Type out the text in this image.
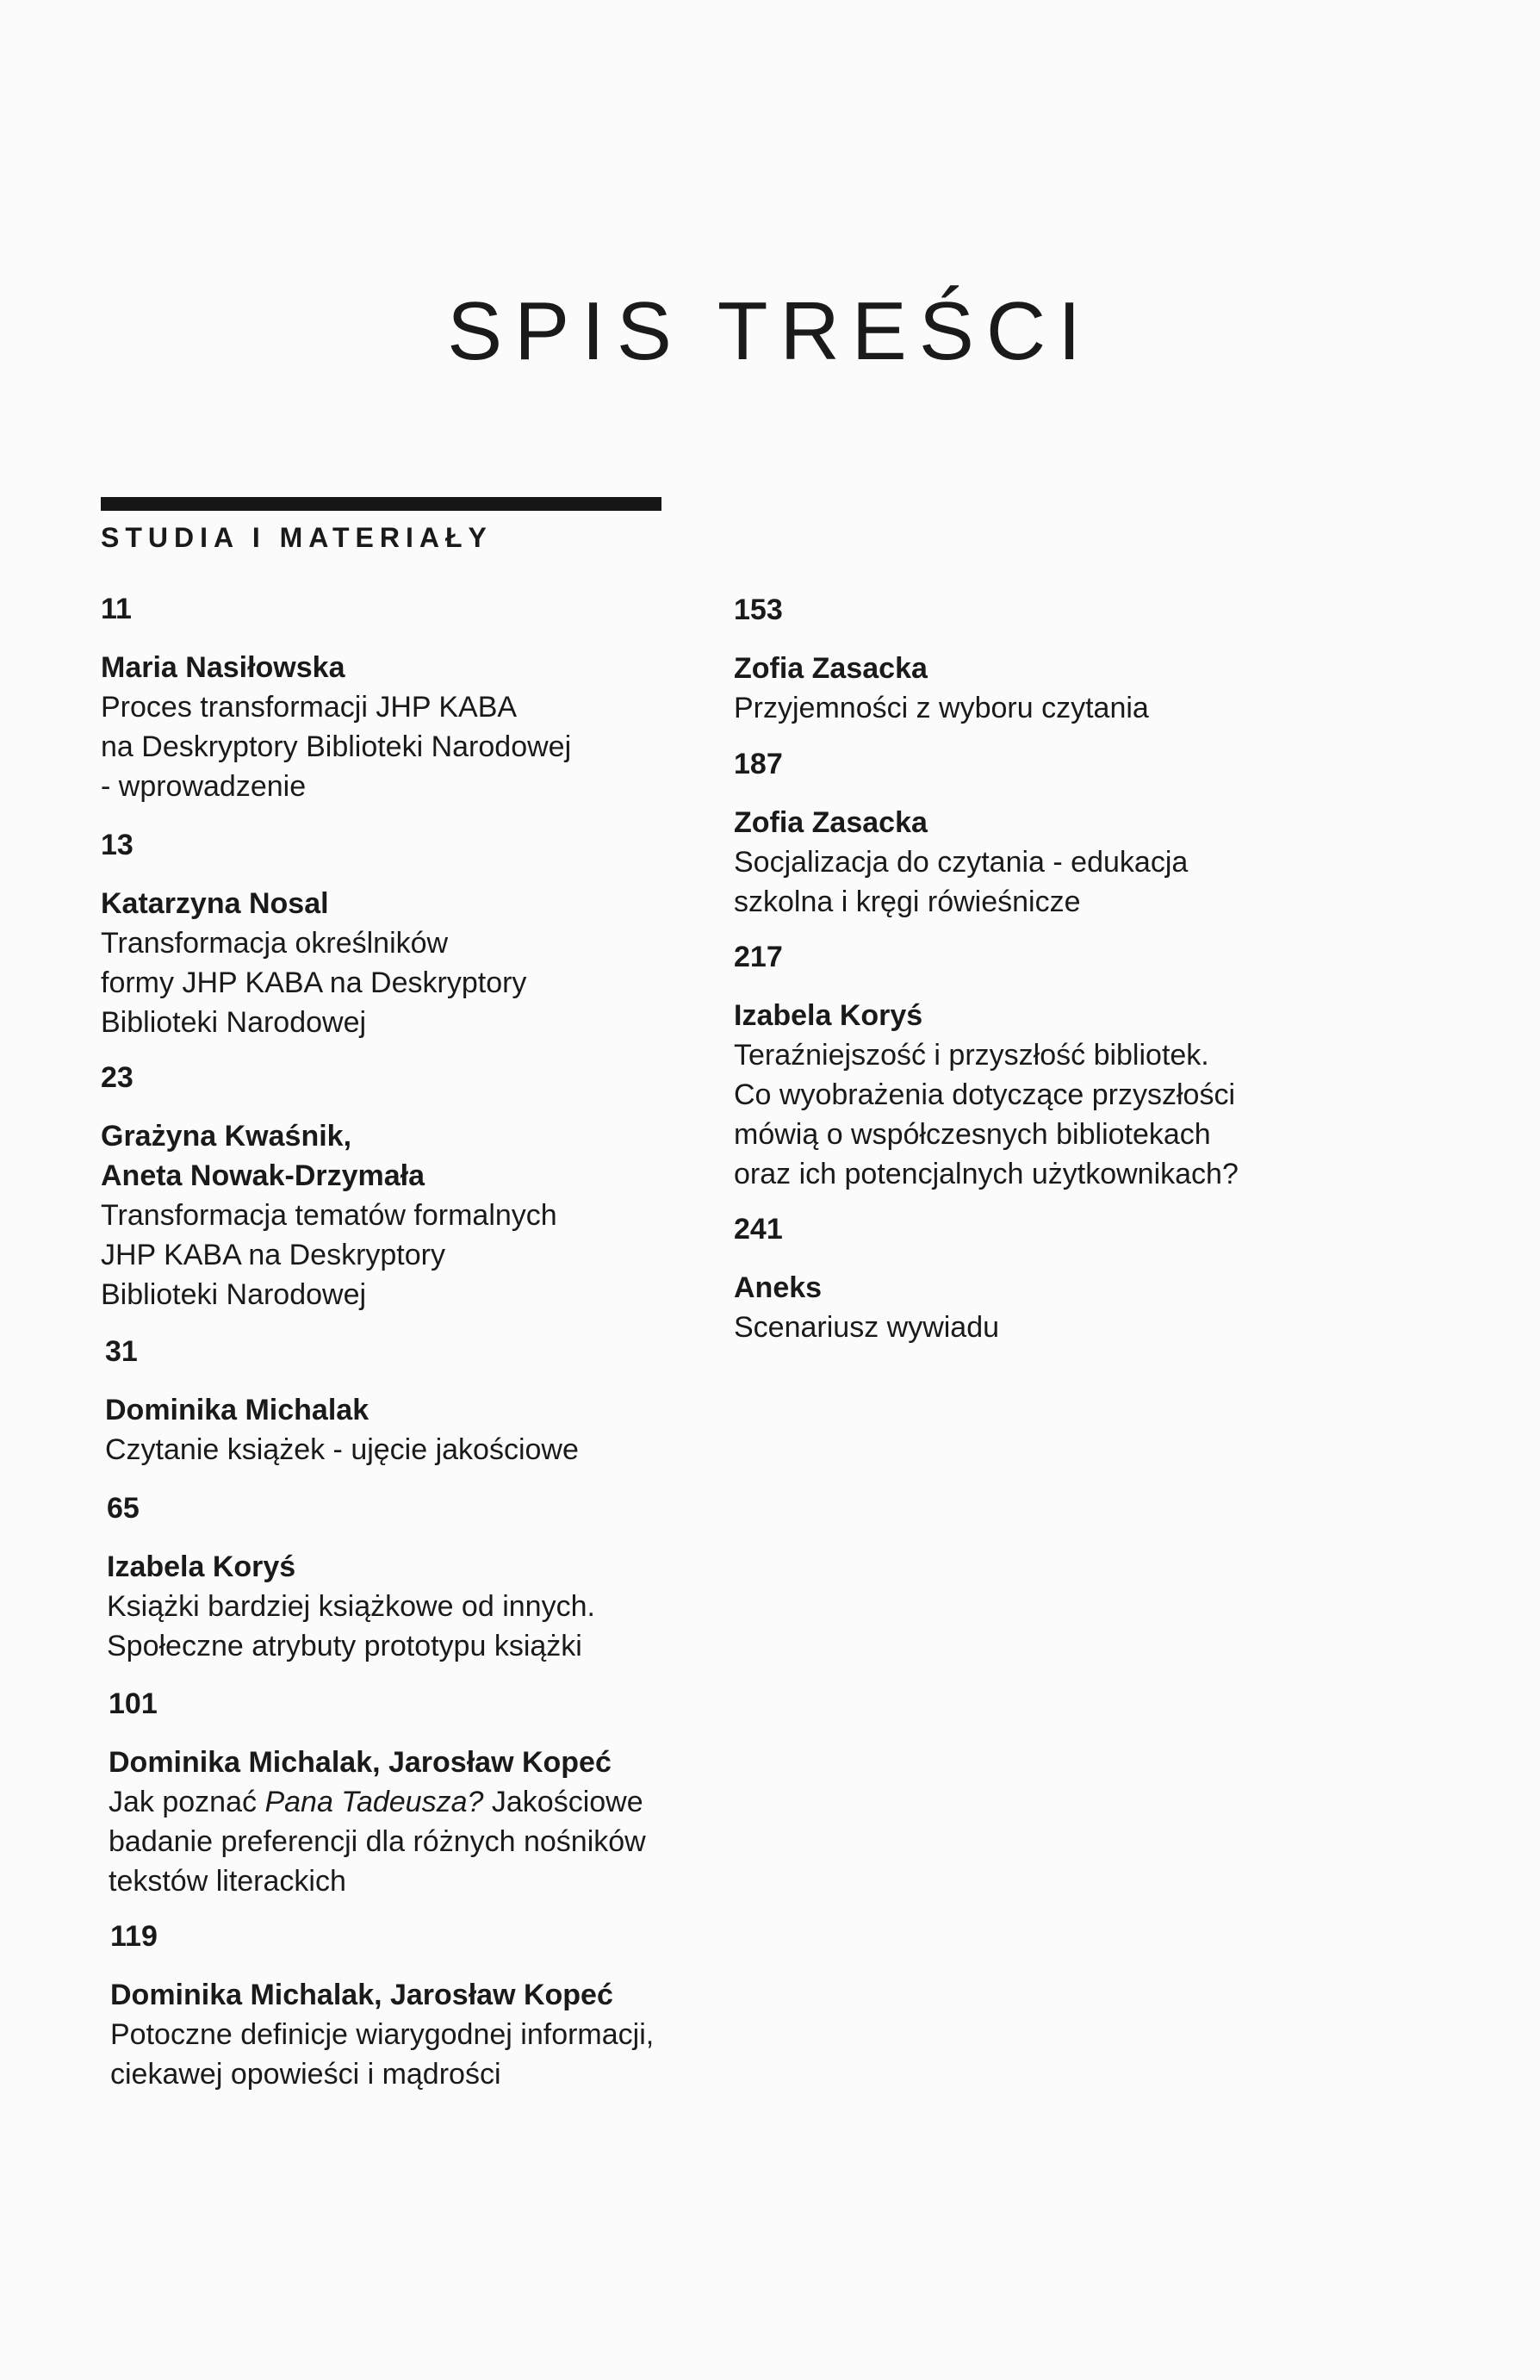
SPIS TREŚCI
STUDIA I MATERIAŁY
11
Maria Nasiłowska
Proces transformacji JHP KABA
na Deskryptory Biblioteki Narodowej
- wprowadzenie
13
Katarzyna Nosal
Transformacja określników
formy JHP KABA na Deskryptory
Biblioteki Narodowej
23
Grażyna Kwaśnik,
Aneta Nowak-Drzymała
Transformacja tematów formalnych
JHP KABA na Deskryptory
Biblioteki Narodowej
31
Dominika Michalak
Czytanie książek - ujęcie jakościowe
65
Izabela Koryś
Książki bardziej książkowe od innych.
Społeczne atrybuty prototypu książki
101
Dominika Michalak, Jarosław Kopeć
Jak poznać Pana Tadeusza? Jakościowe
badanie preferencji dla różnych nośników
tekstów literackich
119
Dominika Michalak, Jarosław Kopeć
Potoczne definicje wiarygodnej informacji,
ciekawej opowieści i mądrości
153
Zofia Zasacka
Przyjemności z wyboru czytania
187
Zofia Zasacka
Socjalizacja do czytania - edukacja
szkolna i kręgi rówieśnicze
217
Izabela Koryś
Teraźniejszość i przyszłość bibliotek.
Co wyobrażenia dotyczące przyszłości
mówią o współczesnych bibliotekach
oraz ich potencjalnych użytkownikach?
241
Aneks
Scenariusz wywiadu
